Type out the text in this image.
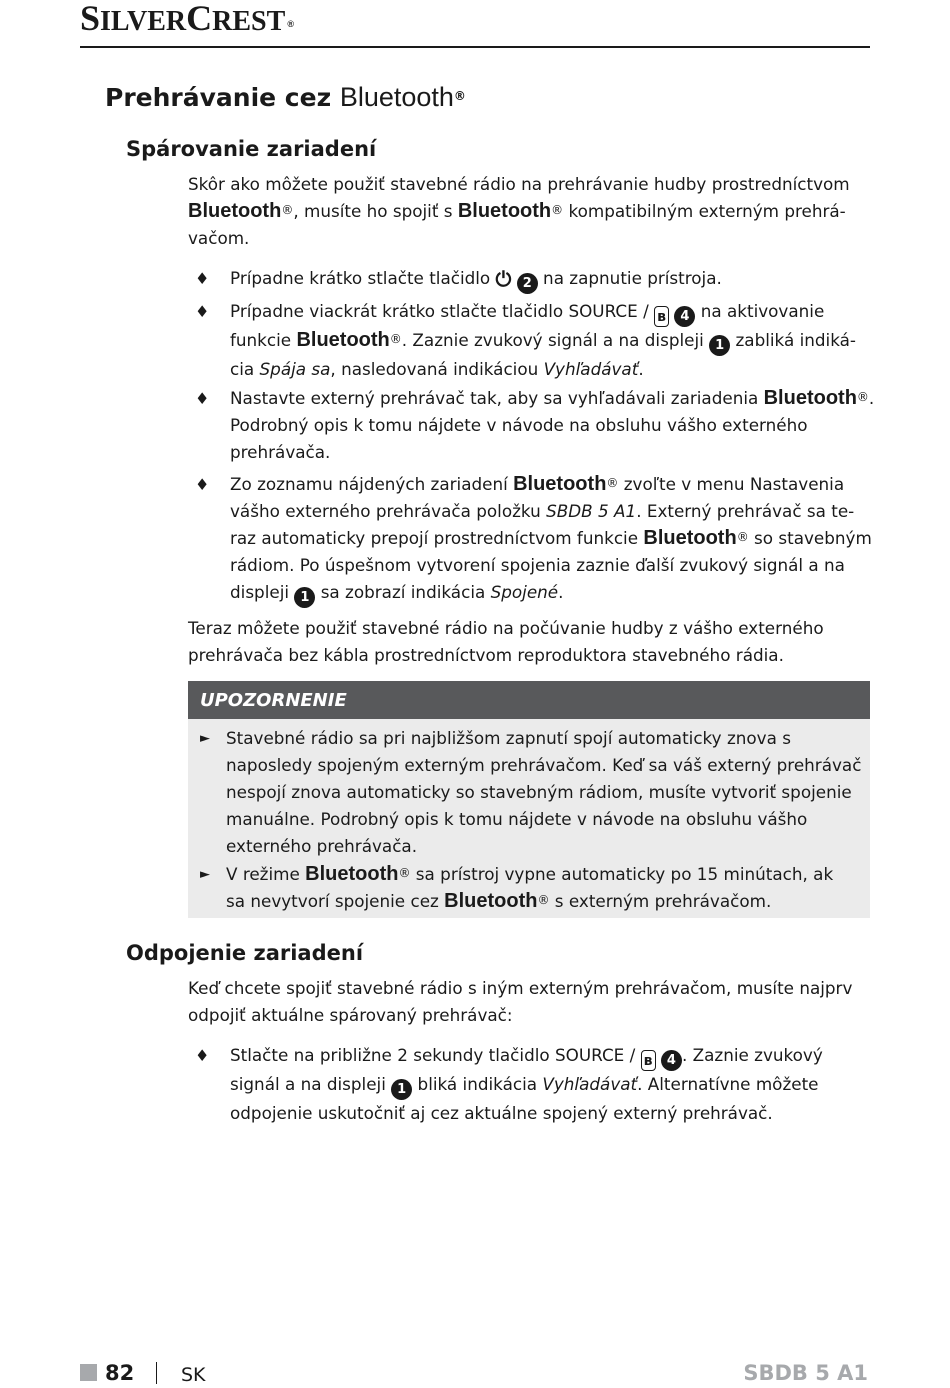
SILVERCREST ®
Prehrávanie cez Bluetooth®
Spárovanie zariadení
Skôr ako môžete použiť stavebné rádio na prehrávanie hudby prostredníctvom
Bluetooth®, musíte ho spojiť s Bluetooth® kompatibilným externým prehrá-
vačom.
♦ Prípadne krátko stlačte tlačidlo ⏻ 2 na zapnutie prístroja.
♦ Prípadne viackrát krátko stlačte tlačidlo SOURCE / ʙ 4 na aktivovanie
funkcie Bluetooth®. Zaznie zvukový signál a na displeji 1 zabliká indiká-
cia Spája sa, nasledovaná indikáciou Vyhľadávať.
♦ Nastavte externý prehrávač tak, aby sa vyhľadávali zariadenia Bluetooth®.
Podrobný opis k tomu nájdete v návode na obsluhu vášho externého
prehrávača.
♦ Zo zoznamu nájdených zariadení Bluetooth® zvoľte v menu Nastavenia
vášho externého prehrávača položku SBDB 5 A1. Externý prehrávač sa te-
raz automaticky prepojí prostredníctvom funkcie Bluetooth® so stavebným
rádiom. Po úspešnom vytvorení spojenia zaznie ďalší zvukový signál a na
displeji 1 sa zobrazí indikácia Spojené.
Teraz môžete použiť stavebné rádio na počúvanie hudby z vášho externého
prehrávača bez kábla prostredníctvom reproduktora stavebného rádia.
UPOZORNENIE
► Stavebné rádio sa pri najbližšom zapnutí spojí automaticky znova s
naposledy spojeným externým prehrávačom. Keď sa váš externý prehrávač
nespojí znova automaticky so stavebným rádiom, musíte vytvoriť spojenie
manuálne. Podrobný opis k tomu nájdete v návode na obsluhu vášho
externého prehrávača.
► V režime Bluetooth® sa prístroj vypne automaticky po 15 minútach, ak
sa nevytvorí spojenie cez Bluetooth® s externým prehrávačom.
Odpojenie zariadení
Keď chcete spojiť stavebné rádio s iným externým prehrávačom, musíte najprv
odpojiť aktuálne spárovaný prehrávač:
♦ Stlačte na približne 2 sekundy tlačidlo SOURCE / ʙ 4 . Zaznie zvukový
signál a na displeji 1 bliká indikácia Vyhľadávať. Alternatívne môžete
odpojenie uskutočniť aj cez aktuálne spojený externý prehrávač.
82 SK	SBDB 5 A1
